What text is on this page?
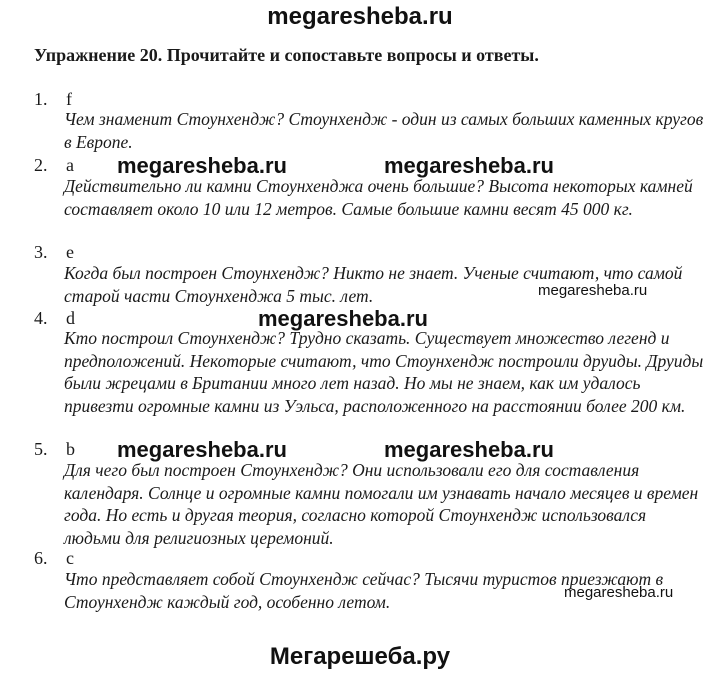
megaresheba.ru
Упражнение 20. Прочитайте и сопоставьте вопросы и ответы.
1. f
Чем знаменит Стоунхендж? Стоунхендж - один из самых больших каменных кругов в Европе.
2. a
Действительно ли камни Стоунхенджа очень большие? Высота некоторых камней составляет около 10 или 12 метров. Самые большие камни весят 45 000 кг.
3. e
Когда был построен Стоунхендж? Никто не знает. Ученые считают, что самой старой части Стоунхенджа 5 тыс. лет.
4. d
Кто построил Стоунхендж? Трудно сказать. Существует множество легенд и предположений. Некоторые считают, что Стоунхендж построили друиды. Друиды были жрецами в Британии много лет назад. Но мы не знаем, как им удалось привезти огромные камни из Уэльса, расположенного на расстоянии более 200 км.
5. b
Для чего был построен Стоунхендж? Они использовали его для составления календаря. Солнце и огромные камни помогали им узнавать начало месяцев и времен года. Но есть и другая теория, согласно которой Стоунхендж использовался людьми для религиозных церемоний.
6. c
Что представляет собой Стоунхендж сейчас? Тысячи туристов приезжают в Стоунхендж каждый год, особенно летом.
megaresheba.ru	megaresheba.ru
megaresheba.ru
megaresheba.ru
megaresheba.ru	megaresheba.ru
megaresheba.ru
Мегарешеба.ру
